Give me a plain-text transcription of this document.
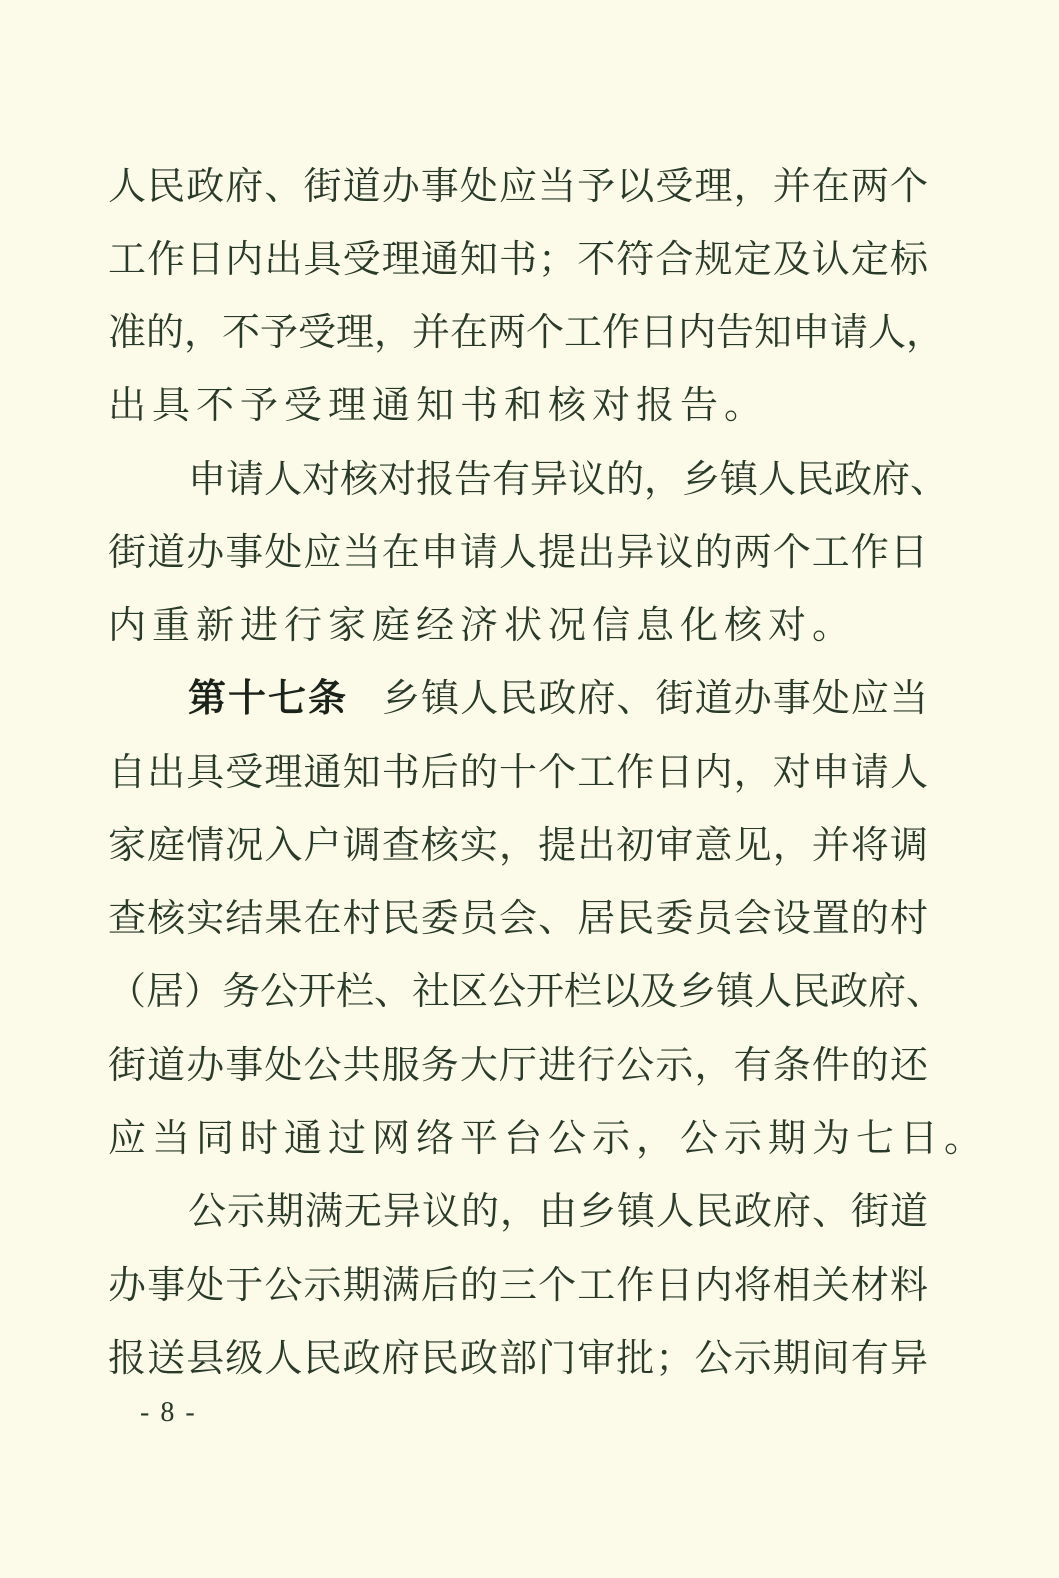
人民政府、街道办事处应当予以受理，并在两个
工作日内出具受理通知书；不符合规定及认定标
准的，不予受理，并在两个工作日内告知申请人，
出具不予受理通知书和核对报告。
申请人对核对报告有异议的，乡镇人民政府、
街道办事处应当在申请人提出异议的两个工作日
内重新进行家庭经济状况信息化核对。
第十七条 乡镇人民政府、街道办事处应当
自出具受理通知书后的十个工作日内，对申请人
家庭情况入户调查核实，提出初审意见，并将调
查核实结果在村民委员会、居民委员会设置的村
（居）务公开栏、社区公开栏以及乡镇人民政府、
街道办事处公共服务大厅进行公示，有条件的还
应当同时通过网络平台公示，公示期为七日。
公示期满无异议的，由乡镇人民政府、街道
办事处于公示期满后的三个工作日内将相关材料
报送县级人民政府民政部门审批；公示期间有异
- 8 -
